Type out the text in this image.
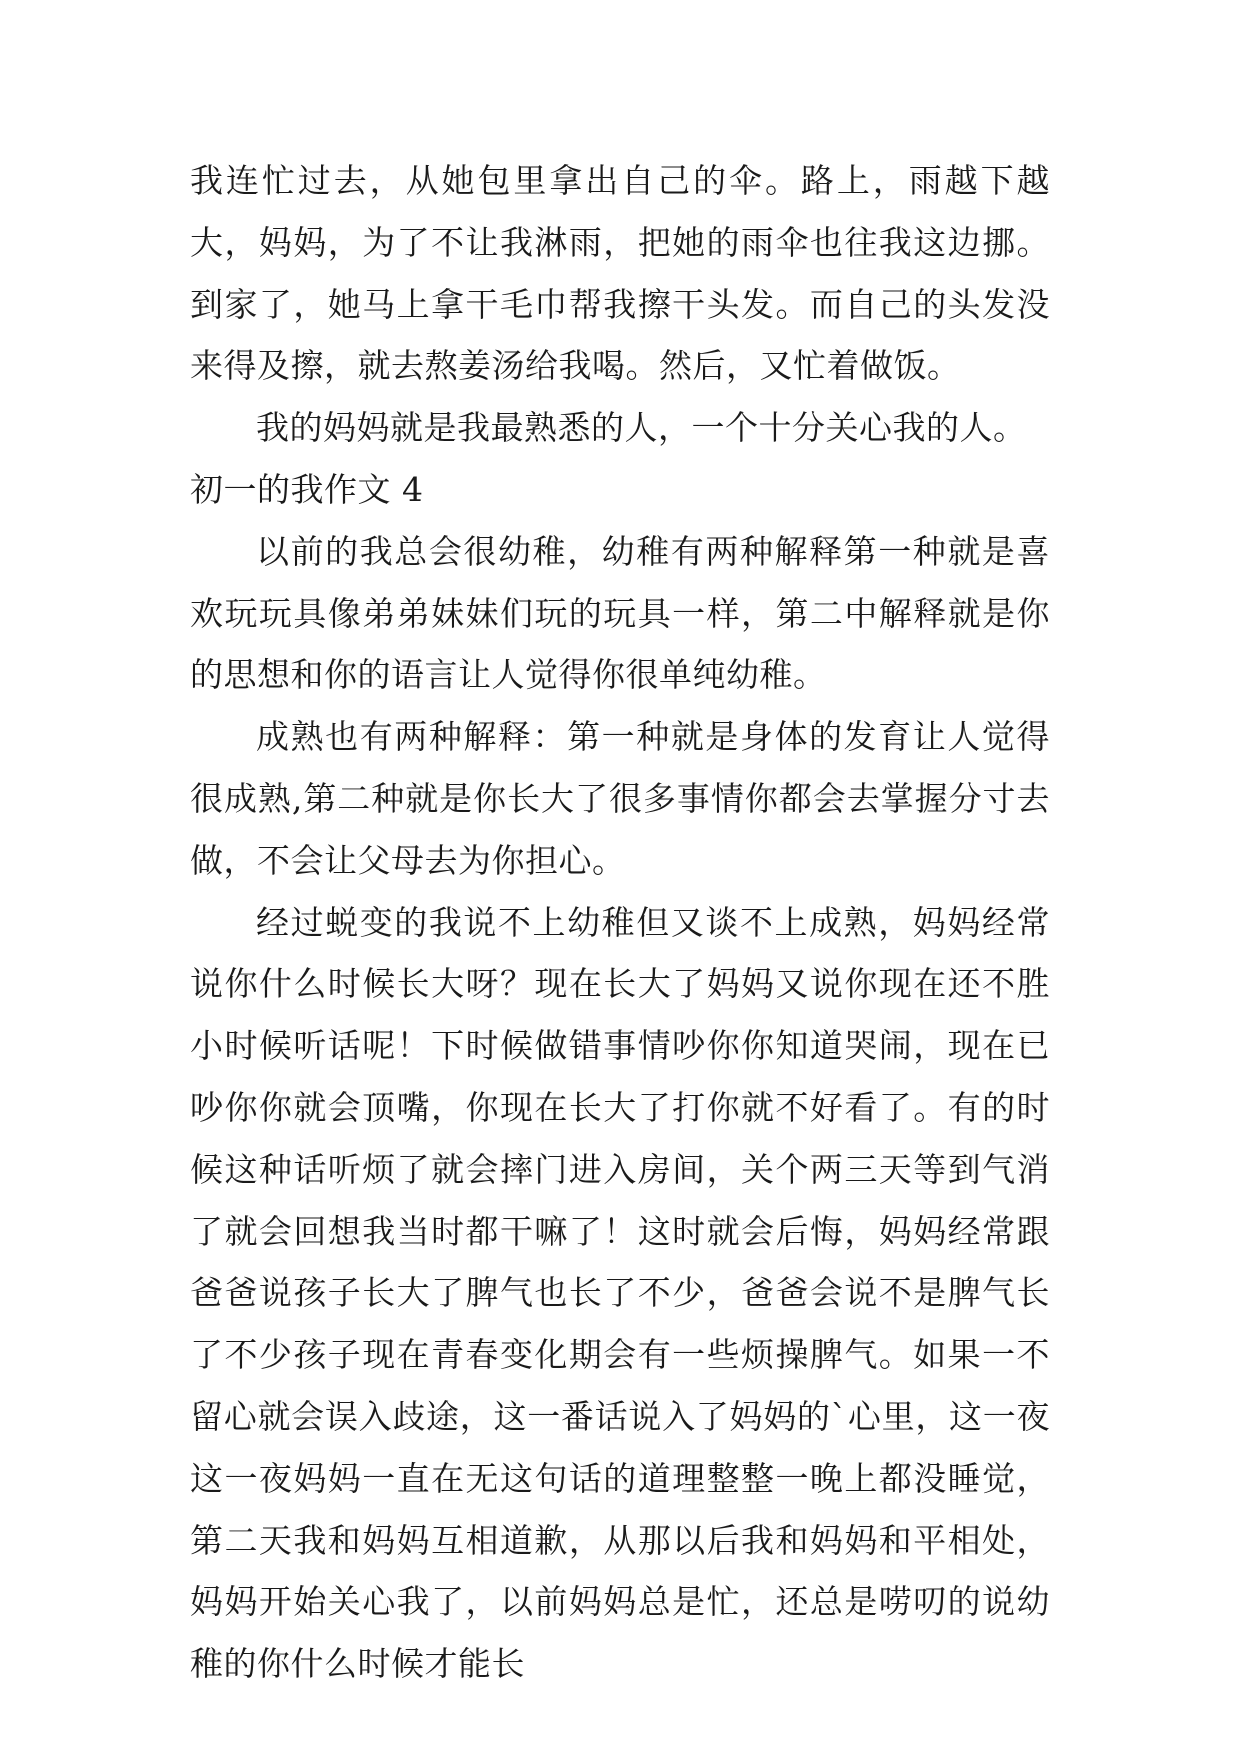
我连忙过去，从她包里拿出自己的伞。路上，雨越下越大，妈妈，为了不让我淋雨，把她的雨伞也往我这边挪。到家了，她马上拿干毛巾帮我擦干头发。而自己的头发没来得及擦，就去熬姜汤给我喝。然后，又忙着做饭。

我的妈妈就是我最熟悉的人，一个十分关心我的人。

初一的我作文 4

以前的我总会很幼稚，幼稚有两种解释第一种就是喜欢玩玩具像弟弟妹妹们玩的玩具一样，第二中解释就是你的思想和你的语言让人觉得你很单纯幼稚。

成熟也有两种解释：第一种就是身体的发育让人觉得很成熟,第二种就是你长大了很多事情你都会去掌握分寸去做，不会让父母去为你担心。

经过蜕变的我说不上幼稚但又谈不上成熟，妈妈经常说你什么时候长大呀？现在长大了妈妈又说你现在还不胜小时候听话呢！下时候做错事情吵你你知道哭闹，现在已吵你你就会顶嘴，你现在长大了打你就不好看了。有的时候这种话听烦了就会摔门进入房间，关个两三天等到气消了就会回想我当时都干嘛了！这时就会后悔，妈妈经常跟爸爸说孩子长大了脾气也长了不少，爸爸会说不是脾气长了不少孩子现在青春变化期会有一些烦操脾气。如果一不留心就会误入歧途，这一番话说入了妈妈的`心里，这一夜这一夜妈妈一直在无这句话的道理整整一晚上都没睡觉，第二天我和妈妈互相道歉，从那以后我和妈妈和平相处，妈妈开始关心我了，以前妈妈总是忙，还总是唠叨的说幼稚的你什么时候才能长
